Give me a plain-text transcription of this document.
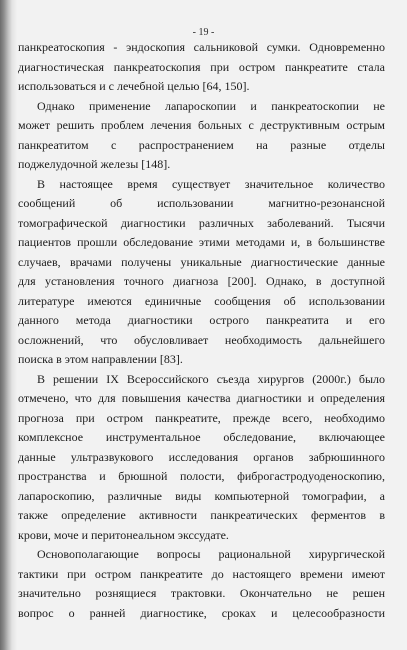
- 19 -
панкреатоскопия - эндоскопия сальниковой сумки. Одновременно
диагностическая панкреатоскопия при остром панкреатите стала
использоваться и с лечебной целью [64, 150].
Однако применение лапароскопии и панкреатоскопии не
может решить проблем лечения больных с деструктивным острым
панкреатитом с распространением на разные отделы
поджелудочной железы [148].
В настоящее время существует значительное количество
сообщений об использовании магнитно-резонансной
томографической диагностики различных заболеваний. Тысячи
пациентов прошли обследование этими методами и, в большинстве
случаев, врачами получены уникальные диагностические данные
для установления точного диагноза [200]. Однако, в доступной
литературе имеются единичные сообщения об использовании
данного метода диагностики острого панкреатита и его
осложнений, что обусловливает необходимость дальнейшего
поиска в этом направлении [83].
В решении IX Всероссийского съезда хирургов (2000г.) было
отмечено, что для повышения качества диагностики и определения
прогноза при остром панкреатите, прежде всего, необходимо
комплексное инструментальное обследование, включающее
данные ультразвукового исследования органов забрюшинного
пространства и брюшной полости, фиброгастродуоденоскопию,
лапароскопию, различные виды компьютерной томографии, а
также определение активности панкреатических ферментов в
крови, моче и перитонеальном экссудате.
Основополагающие вопросы рациональной хирургической
тактики при остром панкреатите до настоящего времени имеют
значительно рознящиеся трактовки. Окончательно не решен
вопрос о ранней диагностике, сроках и целесообразности
